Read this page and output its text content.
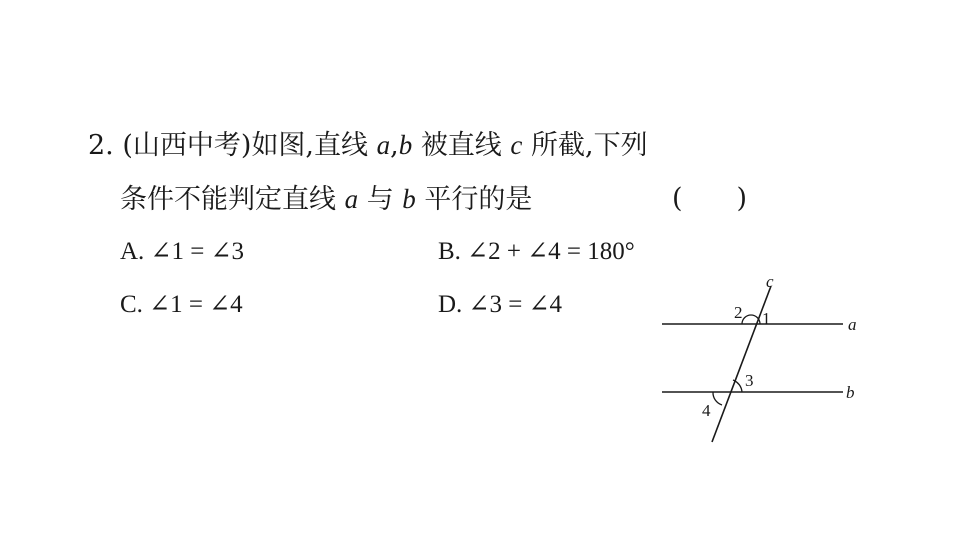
2. (山西中考)如图,直线 a,b 被直线 c 所截,下列
条件不能判定直线 a 与 b 平行的是	(　　)
A. ∠1 = ∠3	B. ∠2 + ∠4 = 180°
C. ∠1 = ∠4	D. ∠3 = ∠4
c
a
b
2 1
3
4
